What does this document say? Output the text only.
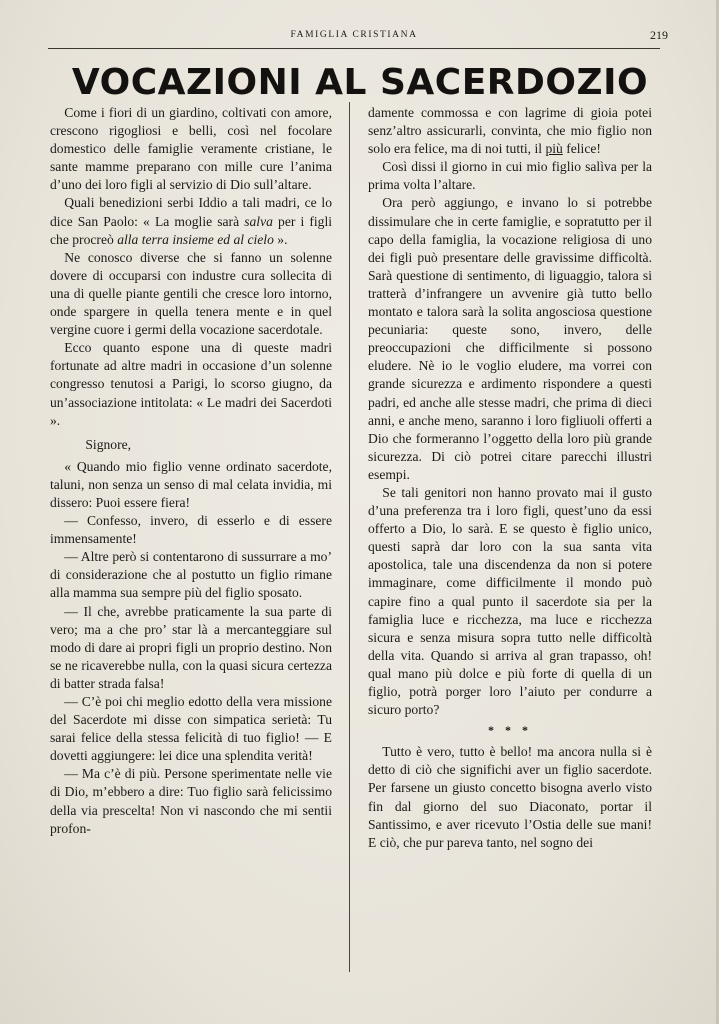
FAMIGLIA CRISTIANA	219
VOCAZIONI AL SACERDOZIO

Come i fiori di un giardino, coltivati con amore, crescono rigogliosi e belli, così nel focolare domestico delle famiglie veramente cristiane, le sante mamme preparano con mille cure l’anima d’uno dei loro figli al servizio di Dio sull’altare.

Quali benedizioni serbi Iddio a tali madri, ce lo dice San Paolo: « La moglie sarà salva per i figli che procreò alla terra insieme ed al cielo ».

Ne conosco diverse che si fanno un solenne dovere di occuparsi con industre cura sollecita di una di quelle piante gentili che cresce loro intorno, onde spargere in quella tenera mente e in quel vergine cuore i germi della vocazione sacerdotale.

Ecco quanto espone una di queste madri fortunate ad altre madri in occasione d’un solenne congresso tenutosi a Parigi, lo scorso giugno, da un’associazione intitolata: « Le madri dei Sacerdoti ».

Signore,

« Quando mio figlio venne ordinato sacerdote, taluni, non senza un senso di mal celata invidia, mi dissero: Puoi essere fiera!

— Confesso, invero, di esserlo e di essere immensamente!

— Altre però si contentarono di sussurrare a mo’ di considerazione che al postutto un figlio rimane alla mamma sua sempre più del figlio sposato.

— Il che, avrebbe praticamente la sua parte di vero; ma a che pro’ star là a mercanteggiare sul modo di dare ai propri figli un proprio destino. Non se ne ricaverebbe nulla, con la quasi sicura certezza di batter strada falsa!

— C’è poi chi meglio edotto della vera missione del Sacerdote mi disse con simpatica serietà: Tu sarai felice della stessa felicità di tuo figlio! — E dovetti aggiungere: lei dice una splendita verità!

— Ma c’è di più. Persone sperimentate nelle vie di Dio, m’ebbero a dire: Tuo figlio sarà felicissimo della via prescelta! Non vi nascondo che mi sentii profon-

damente commossa e con lagrime di gioia potei senz’altro assicurarli, convinta, che mio figlio non solo era felice, ma di noi tutti, il più felice!

Così dissi il giorno in cui mio figlio salìva per la prima volta l’altare.

Ora però aggiungo, e invano lo si potrebbe dissimulare che in certe famiglie, e sopratutto per il capo della famiglia, la vocazione religiosa di uno dei figli può presentare delle gravissime difficoltà. Sarà questione di sentimento, di liguaggio, talora si tratterà d’infrangere un avvenire già tutto bello montato e talora sarà la solita angosciosa questione pecuniaria: queste sono, invero, delle preoccupazioni che difficilmente si possono eludere. Nè io le voglio eludere, ma vorrei con grande sicurezza e ardimento rispondere a questi padri, ed anche alle stesse madri, che prima di dieci anni, e anche meno, saranno i loro figliuoli offerti a Dio che formeranno l’oggetto della loro più grande sicurezza. Di ciò potrei citare parecchi illustri esempi.

Se tali genitori non hanno provato mai il gusto d’una preferenza tra i loro figli, quest’uno da essi offerto a Dio, lo sarà. E se questo è figlio unico, questi saprà dar loro con la sua santa vita apostolica, tale una discendenza da non si potere immaginare, come difficilmente il mondo può capire fino a qual punto il sacerdote sia per la famiglia luce e ricchezza, ma luce e ricchezza sicura e senza misura sopra tutto nelle difficoltà della vita. Quando si arriva al gran trapasso, oh! qual mano più dolce e più forte di quella di un figlio, potrà porger loro l’aiuto per condurre a sicuro porto?

* * *

Tutto è vero, tutto è bello! ma ancora nulla si è detto di ciò che significhi aver un figlio sacerdote. Per farsene un giusto concetto bisogna averlo visto fin dal giorno del suo Diaconato, portar il Santissimo, e aver ricevuto l’Ostia delle sue mani! E ciò, che pur pareva tanto, nel sogno dei
